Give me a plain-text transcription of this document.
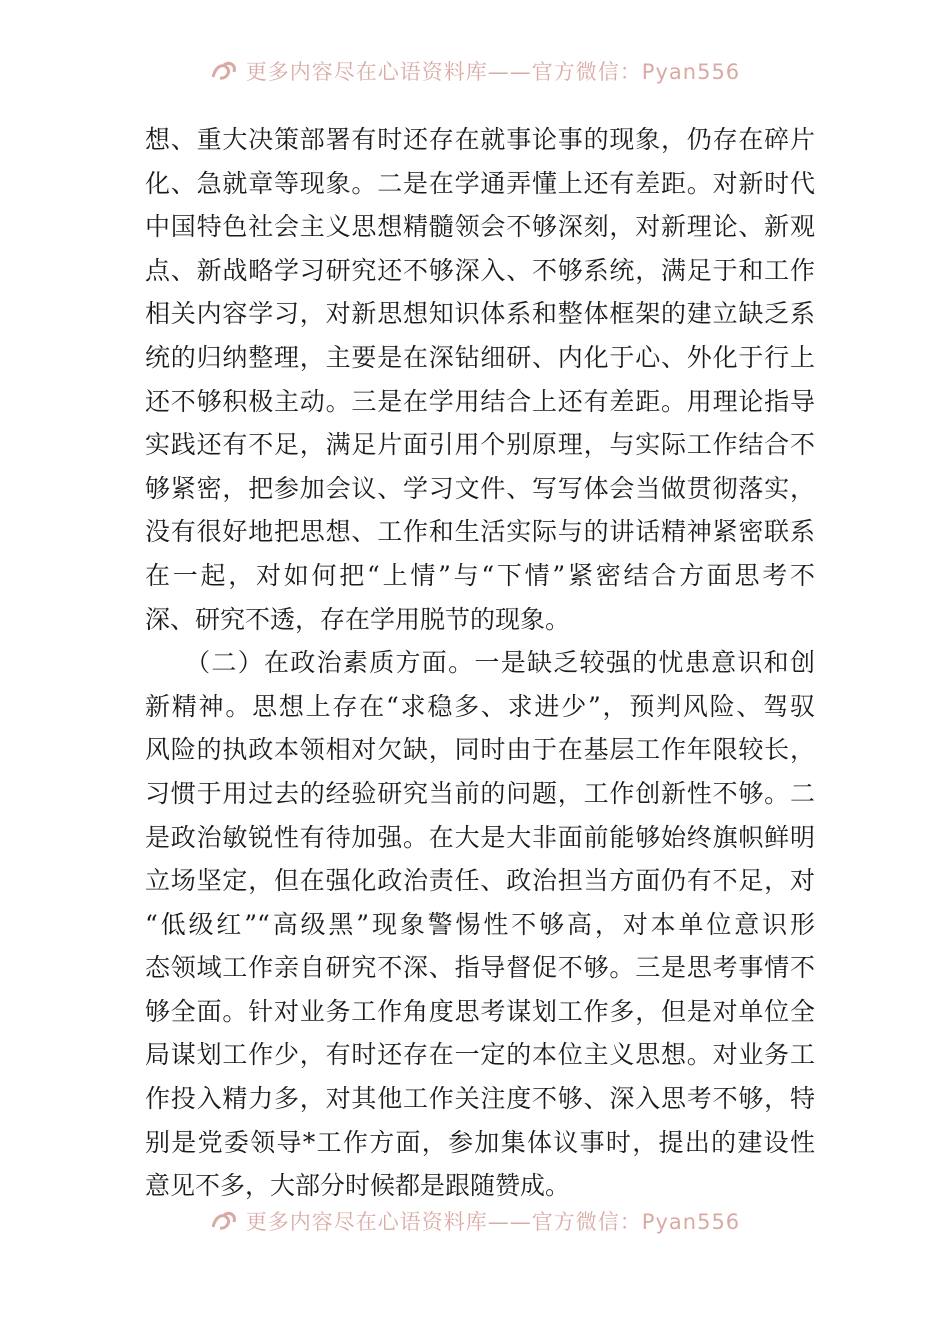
更多内容尽在心语资料库——官方微信：Pyan556
想、重大决策部署有时还存在就事论事的现象，仍存在碎片
化、急就章等现象。二是在学通弄懂上还有差距。对新时代
中国特色社会主义思想精髓领会不够深刻，对新理论、新观
点、新战略学习研究还不够深入、不够系统，满足于和工作
相关内容学习，对新思想知识体系和整体框架的建立缺乏系
统的归纳整理，主要是在深钻细研、内化于心、外化于行上
还不够积极主动。三是在学用结合上还有差距。用理论指导
实践还有不足，满足片面引用个别原理，与实际工作结合不
够紧密，把参加会议、学习文件、写写体会当做贯彻落实，
没有很好地把思想、工作和生活实际与的讲话精神紧密联系
在一起，对如何把“上情”与“下情”紧密结合方面思考不
深、研究不透，存在学用脱节的现象。
　　（二）在政治素质方面。一是缺乏较强的忧患意识和创
新精神。思想上存在“求稳多、求进少”，预判风险、驾驭
风险的执政本领相对欠缺，同时由于在基层工作年限较长，
习惯于用过去的经验研究当前的问题，工作创新性不够。二
是政治敏锐性有待加强。在大是大非面前能够始终旗帜鲜明
立场坚定，但在强化政治责任、政治担当方面仍有不足，对
“低级红”“高级黑”现象警惕性不够高，对本单位意识形
态领域工作亲自研究不深、指导督促不够。三是思考事情不
够全面。针对业务工作角度思考谋划工作多，但是对单位全
局谋划工作少，有时还存在一定的本位主义思想。对业务工
作投入精力多，对其他工作关注度不够、深入思考不够，特
别是党委领导*工作方面，参加集体议事时，提出的建设性
意见不多，大部分时候都是跟随赞成。
更多内容尽在心语资料库——官方微信：Pyan556
